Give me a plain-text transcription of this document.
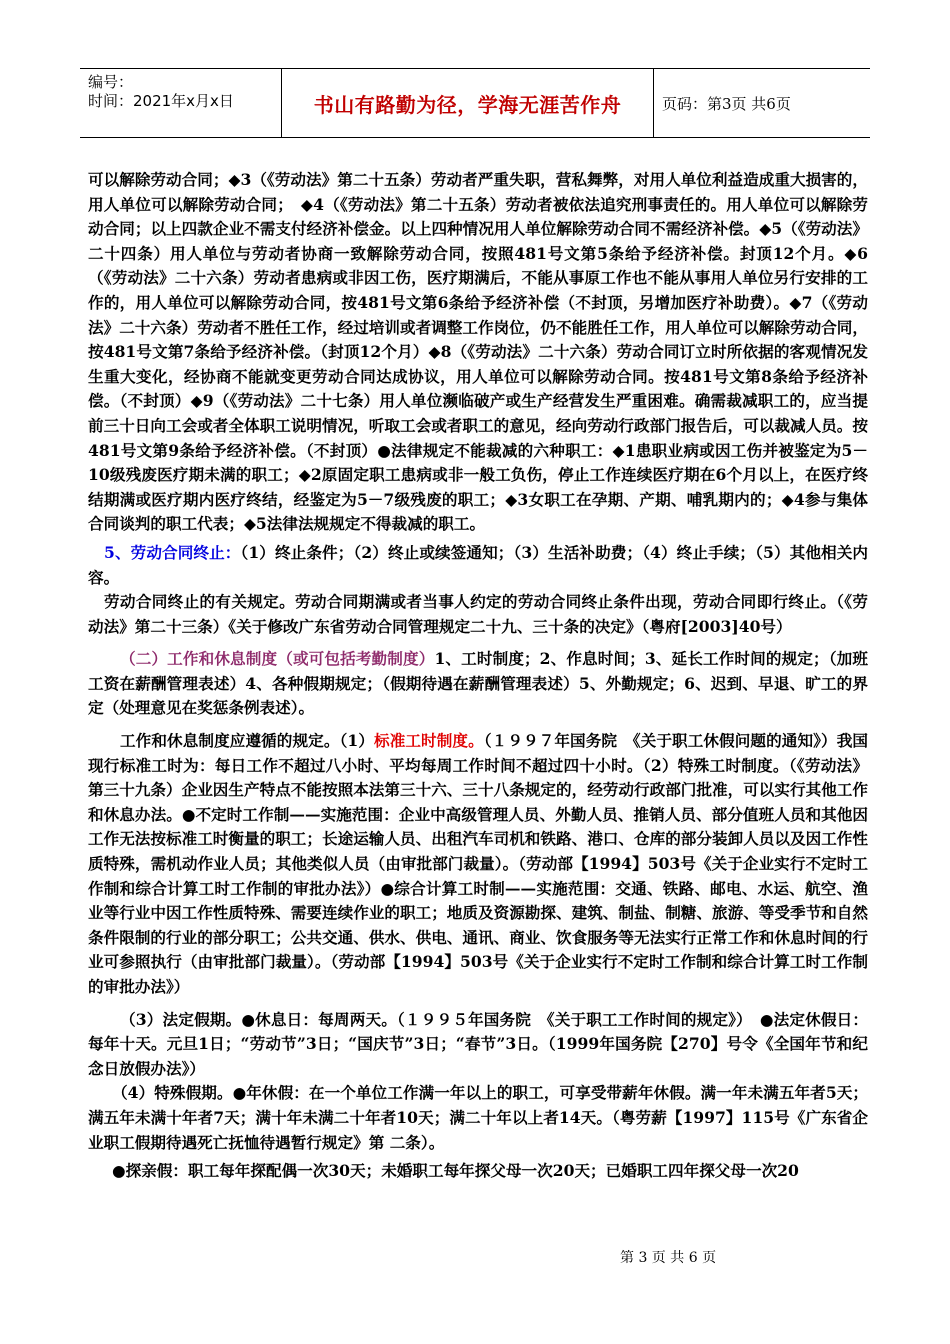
编号：
时间：2021年x月x日	书山有路勤为径，学海无涯苦作舟	页码：第3页 共6页

可以解除劳动合同；◆3（《劳动法》第二十五条）劳动者严重失职，营私舞弊，对用人单位利益造成重大损害的，用人单位可以解除劳动合同；　◆4（《劳动法》第二十五条）劳动者被依法追究刑事责任的。用人单位可以解除劳动合同；以上四款企业不需支付经济补偿金。以上四种情况用人单位解除劳动合同不需经济补偿。◆5（《劳动法》二十四条）用人单位与劳动者协商一致解除劳动合同，按照481号文第5条给予经济补偿。封顶12个月。◆6（《劳动法》二十六条）劳动者患病或非因工伤，医疗期满后，不能从事原工作也不能从事用人单位另行安排的工作的，用人单位可以解除劳动合同，按481号文第6条给予经济补偿（不封顶，另增加医疗补助费）。◆7（《劳动法》二十六条）劳动者不胜任工作，经过培训或者调整工作岗位，仍不能胜任工作，用人单位可以解除劳动合同，按481号文第7条给予经济补偿。（封顶12个月）◆8（《劳动法》二十六条）劳动合同订立时所依据的客观情况发生重大变化，经协商不能就变更劳动合同达成协议，用人单位可以解除劳动合同。按481号文第8条给予经济补偿。（不封顶）◆9（《劳动法》二十七条）用人单位濒临破产或生产经营发生严重困难。确需裁减职工的，应当提前三十日向工会或者全体职工说明情况，听取工会或者职工的意见，经向劳动行政部门报告后，可以裁减人员。按481号文第9条给予经济补偿。（不封顶）●法律规定不能裁减的六种职工：◆1患职业病或因工伤并被鉴定为5－10级残废医疗期未满的职工；◆2原固定职工患病或非一般工负伤，停止工作连续医疗期在6个月以上，在医疗终结期满或医疗期内医疗终结，经鉴定为5－7级残废的职工；◆3女职工在孕期、产期、哺乳期内的；◆4参与集体合同谈判的职工代表；◆5法律法规规定不得裁减的职工。

5、劳动合同终止：（1）终止条件；（2）终止或续签通知；（3）生活补助费；（4）终止手续；（5）其他相关内容。

劳动合同终止的有关规定。劳动合同期满或者当事人约定的劳动合同终止条件出现，劳动合同即行终止。（《劳动法》第二十三条）《关于修改广东省劳动合同管理规定二十九、三十条的决定》（粤府[2003]40号）

（二）工作和休息制度（或可包括考勤制度）1、工时制度；2、作息时间；3、延长工作时间的规定；（加班工资在薪酬管理表述）4、各种假期规定；（假期待遇在薪酬管理表述）5、外勤规定；6、迟到、早退、旷工的界定（处理意见在奖惩条例表述）。

工作和休息制度应遵循的规定。（1）标准工时制度。（１９９７年国务院　《关于职工休假问题的通知》）我国现行标准工时为：每日工作不超过八小时、平均每周工作时间不超过四十小时。（2）特殊工时制度。（《劳动法》第三十九条）企业因生产特点不能按照本法第三十六、三十八条规定的，经劳动行政部门批准，可以实行其他工作和休息办法。●不定时工作制——实施范围：企业中高级管理人员、外勤人员、推销人员、部分值班人员和其他因工作无法按标准工时衡量的职工；长途运输人员、出租汽车司机和铁路、港口、仓库的部分装卸人员以及因工作性质特殊，需机动作业人员；其他类似人员（由审批部门裁量）。（劳动部【1994】503号《关于企业实行不定时工作制和综合计算工时工作制的审批办法》）●综合计算工时制——实施范围：交通、铁路、邮电、水运、航空、渔业等行业中因工作性质特殊、需要连续作业的职工；地质及资源勘探、建筑、制盐、制糖、旅游、等受季节和自然条件限制的行业的部分职工；公共交通、供水、供电、通讯、商业、饮食服务等无法实行正常工作和休息时间的行业可参照执行（由审批部门裁量）。（劳动部【1994】503号《关于企业实行不定时工作制和综合计算工时工作制的审批办法》）

（3）法定假期。●休息日：每周两天。（１９９５年国务院　《关于职工工作时间的规定》）　●法定休假日：每年十天。元旦1日；“劳动节”3日；“国庆节”3日；“春节”3日。（1999年国务院【270】号令《全国年节和纪念日放假办法》）

（4）特殊假期。●年休假：在一个单位工作满一年以上的职工，可享受带薪年休假。满一年未满五年者5天；满五年未满十年者7天；满十年未满二十年者10天；满二十年以上者14天。（粤劳薪【1997】115号《广东省企业职工假期待遇死亡抚恤待遇暂行规定》第 二条）。

●探亲假：职工每年探配偶一次30天；未婚职工每年探父母一次20天；已婚职工四年探父母一次20

第 3 页 共 6 页
